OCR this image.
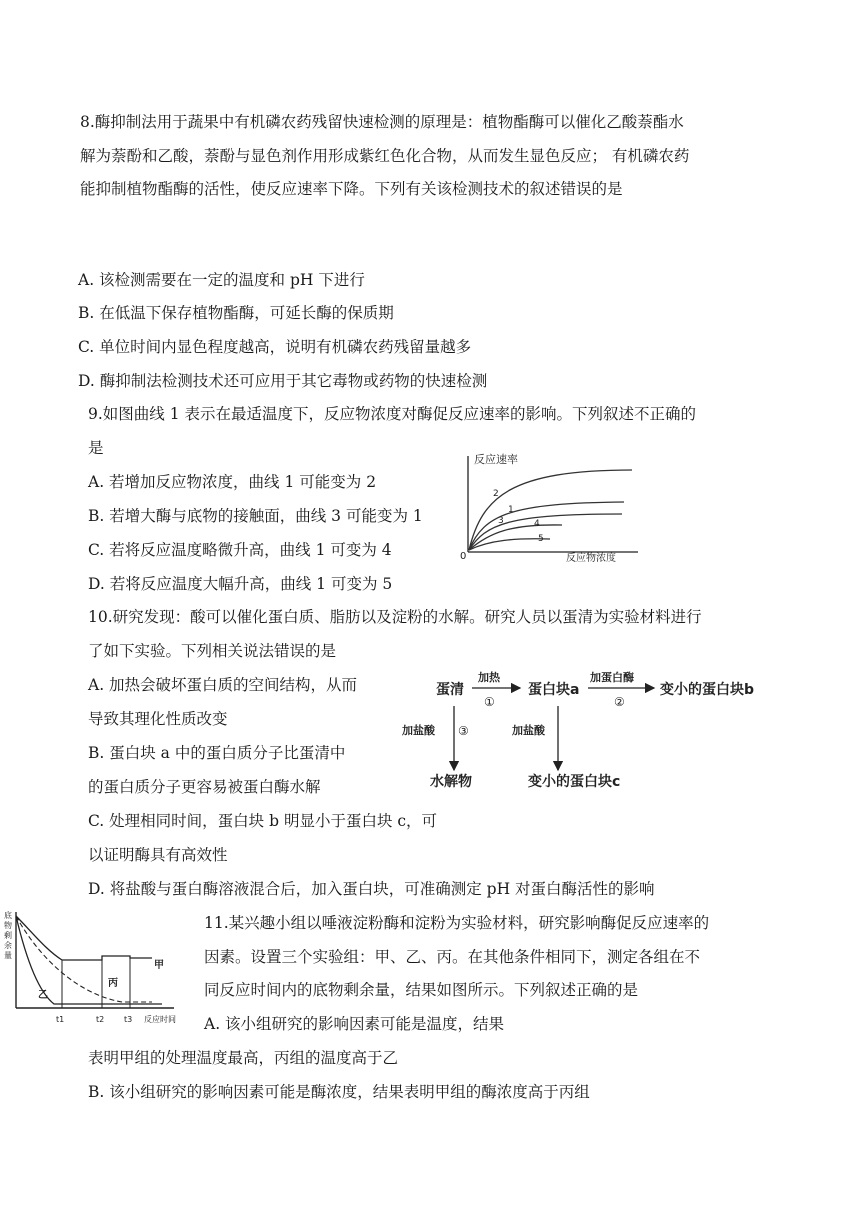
8.酶抑制法用于蔬果中有机磷农药残留快速检测的原理是：植物酯酶可以催化乙酸萘酯水
解为萘酚和乙酸，萘酚与显色剂作用形成紫红色化合物，从而发生显色反应； 有机磷农药
能抑制植物酯酶的活性，使反应速率下降。下列有关该检测技术的叙述错误的是
A. 该检测需要在一定的温度和 pH 下进行
B. 在低温下保存植物酯酶，可延长酶的保质期
C. 单位时间内显色程度越高，说明有机磷农药残留量越多
D. 酶抑制法检测技术还可应用于其它毒物或药物的快速检测
9.如图曲线 1 表示在最适温度下，反应物浓度对酶促反应速率的影响。下列叙述不正确的
是
A. 若增加反应物浓度，曲线 1 可能变为 2
B. 若增大酶与底物的接触面，曲线 3 可能变为 1
C. 若将反应温度略微升高，曲线 1 可变为 4
D. 若将反应温度大幅升高，曲线 1 可变为 5
反应速率
反应物浓度
0
2
1
3	4
5
10.研究发现：酸可以催化蛋白质、脂肪以及淀粉的水解。研究人员以蛋清为实验材料进行
了如下实验。下列相关说法错误的是
A. 加热会破坏蛋白质的空间结构，从而
导致其理化性质改变
B. 蛋白块 a 中的蛋白质分子比蛋清中
的蛋白质分子更容易被蛋白酶水解
C. 处理相同时间，蛋白块 b 明显小于蛋白块 c，可
以证明酶具有高效性
D. 将盐酸与蛋白酶溶液混合后，加入蛋白块，可准确测定 pH 对蛋白酶活性的影响
蛋清
加热
①
蛋白块a
加蛋白酶
②
变小的蛋白块b
加盐酸 ③	加盐酸
水解物	变小的蛋白块c
11.某兴趣小组以唾液淀粉酶和淀粉为实验材料，研究影响酶促反应速率的
因素。设置三个实验组：甲、乙、丙。在其他条件相同下，测定各组在不
同反应时间内的底物剩余量，结果如图所示。下列叙述正确的是
A. 该小组研究的影响因素可能是温度，结果
表明甲组的处理温度最高，丙组的温度高于乙
B. 该小组研究的影响因素可能是酶浓度，结果表明甲组的酶浓度高于丙组
底
物
剩
余
量
甲
乙
丙
t1	t2 t3 反应时间
